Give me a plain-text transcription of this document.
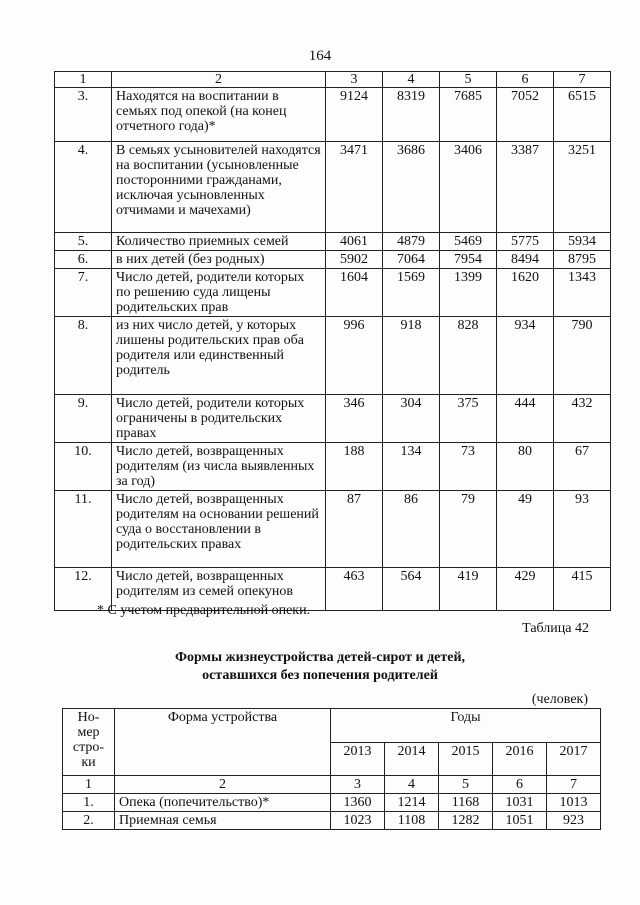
164
1	2	3	4	5	6	7
3.	Находятся на воспитании в семьях под опекой (на конец отчетного года)*	9124	8319	7685	7052	6515
4.	В семьях усыновителей находятся на воспитании (усыновленные посторонними гражданами, исключая усыновленных отчимами и мачехами)	3471	3686	3406	3387	3251
5.	Количество приемных семей	4061	4879	5469	5775	5934
6.	в них детей (без родных)	5902	7064	7954	8494	8795
7.	Число детей, родители которых по решению суда лищены родительских прав	1604	1569	1399	1620	1343
8.	из них число детей, у которых лишены родительских прав оба родителя или единственный родитель	996	918	828	934	790
9.	Число детей, родители которых ограничены в родительских правах	346	304	375	444	432
10.	Число детей, возвращенных родителям (из числа выявленных за год)	188	134	73	80	67
11.	Число детей, возвращенных родителям на основании решений суда о восстановлении в родительских правах	87	86	79	49	93
12.	Число детей, возвращенных родителям из семей опекунов	463	564	419	429	415
* С учетом предварительной опеки.
Таблица 42
Формы жизнеустройства детей-сирот и детей,
оставшихся без попечения родителей
(человек)
Но-мер стро-ки	Форма устройства	Годы				
		2013	2014	2015	2016	2017
1	2	3	4	5	6	7
1.	Опека (попечительство)*	1360	1214	1168	1031	1013
2.	Приемная семья	1023	1108	1282	1051	923
